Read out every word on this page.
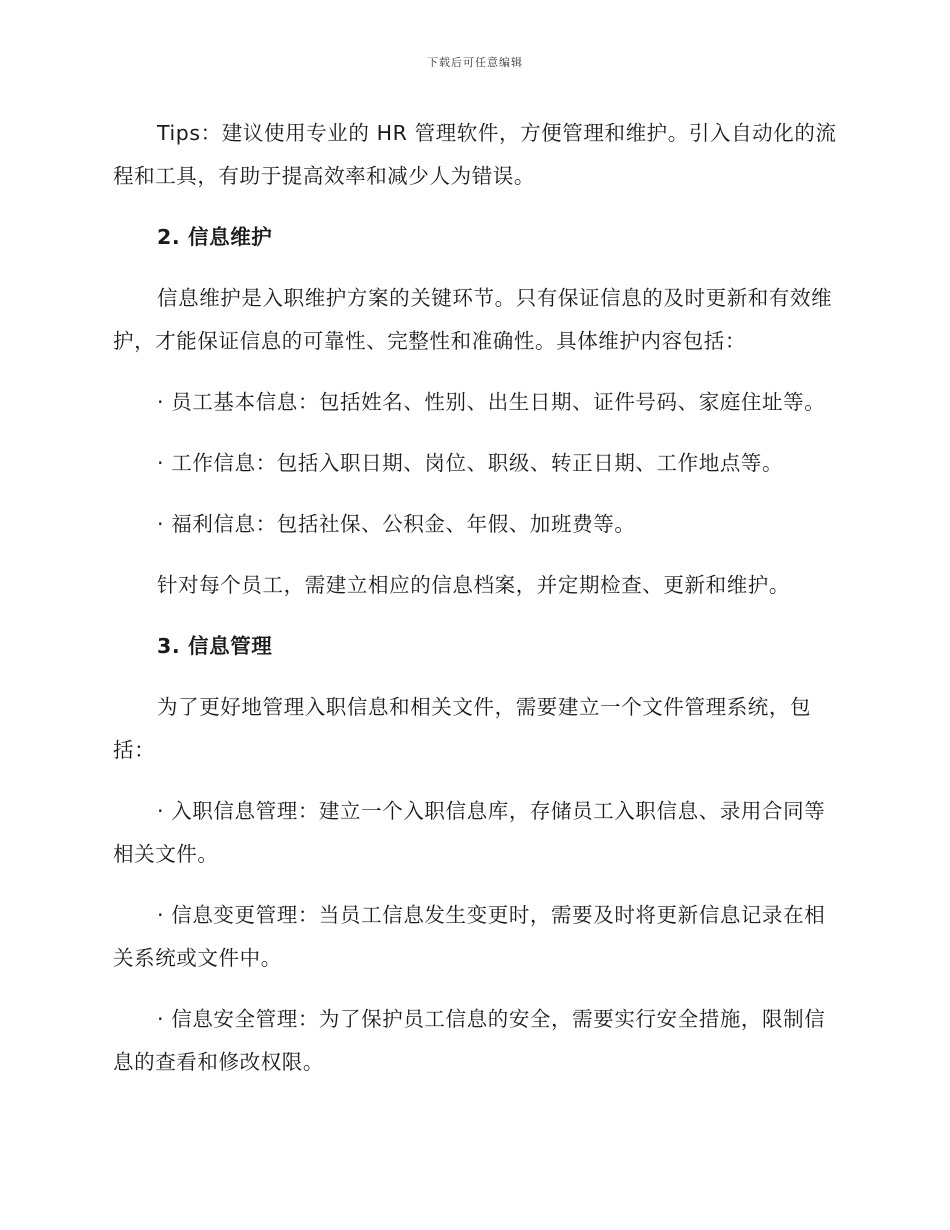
下载后可任意编辑

Tips：建议使用专业的 HR 管理软件，方便管理和维护。引入自动化的流程和工具，有助于提高效率和减少人为错误。

2. 信息维护

信息维护是入职维护方案的关键环节。只有保证信息的及时更新和有效维护，才能保证信息的可靠性、完整性和准确性。具体维护内容包括：

· 员工基本信息：包括姓名、性别、出生日期、证件号码、家庭住址等。

· 工作信息：包括入职日期、岗位、职级、转正日期、工作地点等。

· 福利信息：包括社保、公积金、年假、加班费等。

针对每个员工，需建立相应的信息档案，并定期检查、更新和维护。

3. 信息管理

为了更好地管理入职信息和相关文件，需要建立一个文件管理系统，包括：

· 入职信息管理：建立一个入职信息库，存储员工入职信息、录用合同等相关文件。

· 信息变更管理：当员工信息发生变更时，需要及时将更新信息记录在相关系统或文件中。

· 信息安全管理：为了保护员工信息的安全，需要实行安全措施，限制信息的查看和修改权限。
